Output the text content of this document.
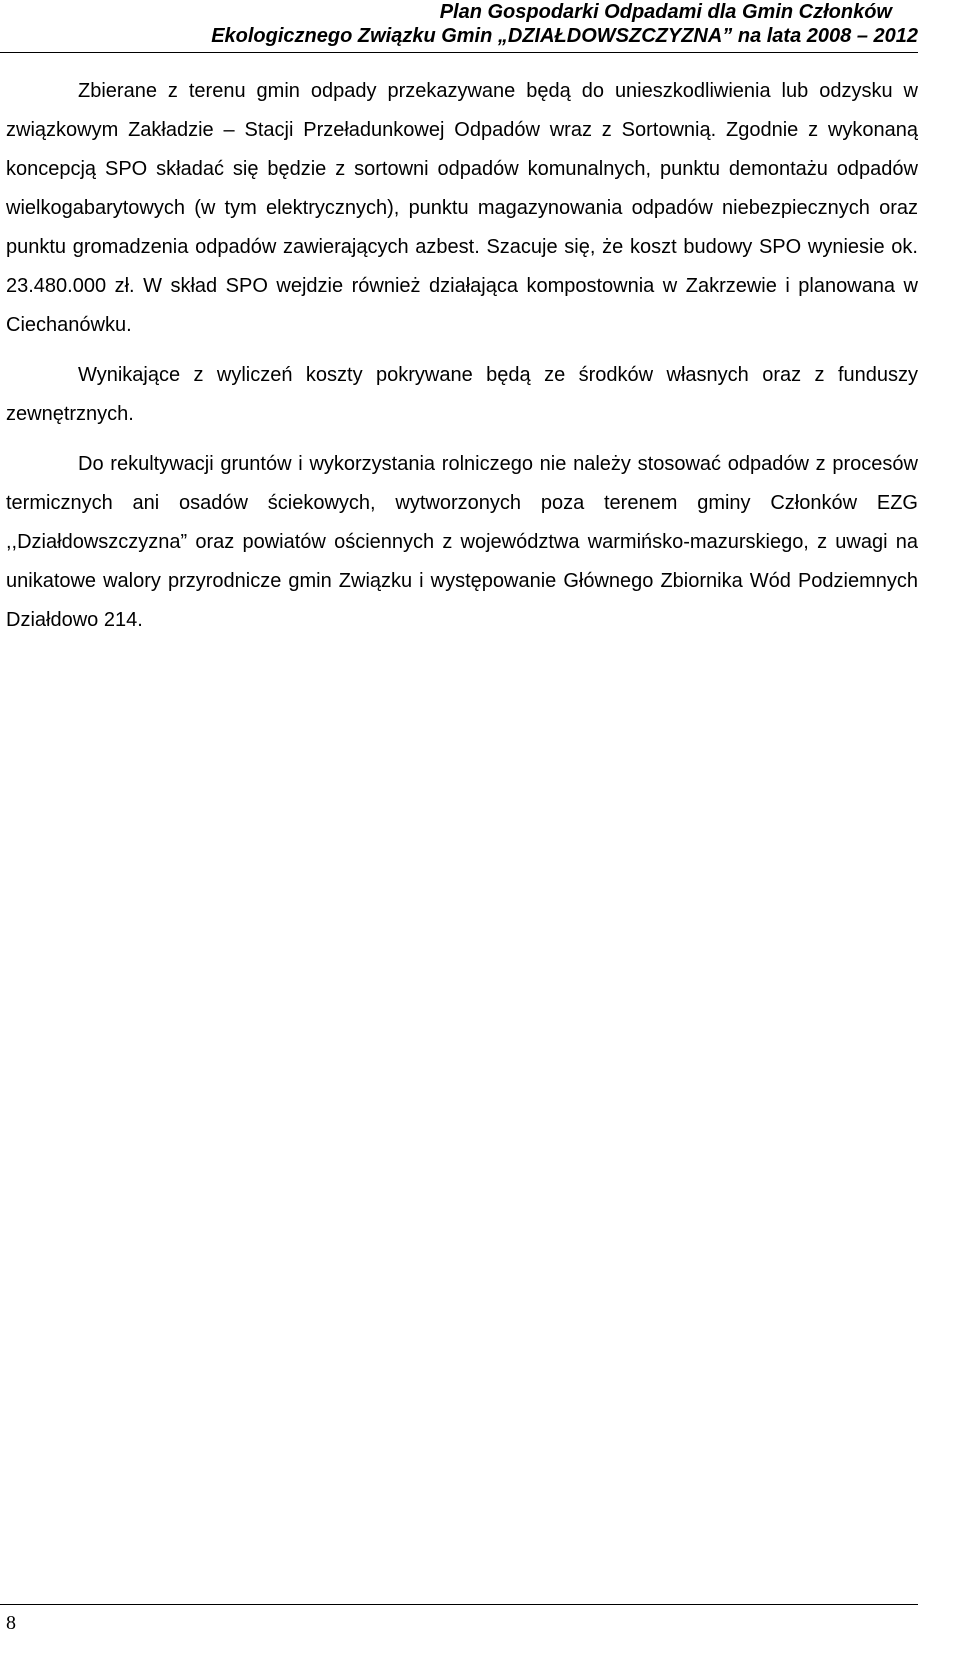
Plan Gospodarki Odpadami dla Gmin Członków
Ekologicznego Związku Gmin „DZIAŁDOWSZCZYZNA” na lata 2008 – 2012

Zbierane z terenu gmin odpady przekazywane będą do unieszkodliwienia lub odzysku w związkowym Zakładzie – Stacji Przeładunkowej Odpadów wraz z Sortownią. Zgodnie z wykonaną koncepcją SPO składać się będzie z sortowni odpadów komunalnych, punktu demontażu odpadów wielkogabarytowych (w tym elektrycznych), punktu magazynowania odpadów niebezpiecznych oraz punktu gromadzenia odpadów zawierających azbest. Szacuje się, że koszt budowy SPO wyniesie ok. 23.480.000 zł. W skład SPO wejdzie również działająca kompostownia w Zakrzewie i planowana w Ciechanówku.

Wynikające z wyliczeń koszty pokrywane będą ze środków własnych oraz z funduszy zewnętrznych.

Do rekultywacji gruntów i wykorzystania rolniczego nie należy stosować odpadów z procesów termicznych ani osadów ściekowych, wytworzonych poza terenem gminy Członków EZG ,,Działdowszczyzna” oraz powiatów ościennych z województwa warmińsko-mazurskiego, z uwagi na unikatowe walory przyrodnicze gmin Związku i występowanie Głównego Zbiornika Wód Podziemnych Działdowo 214.

8
